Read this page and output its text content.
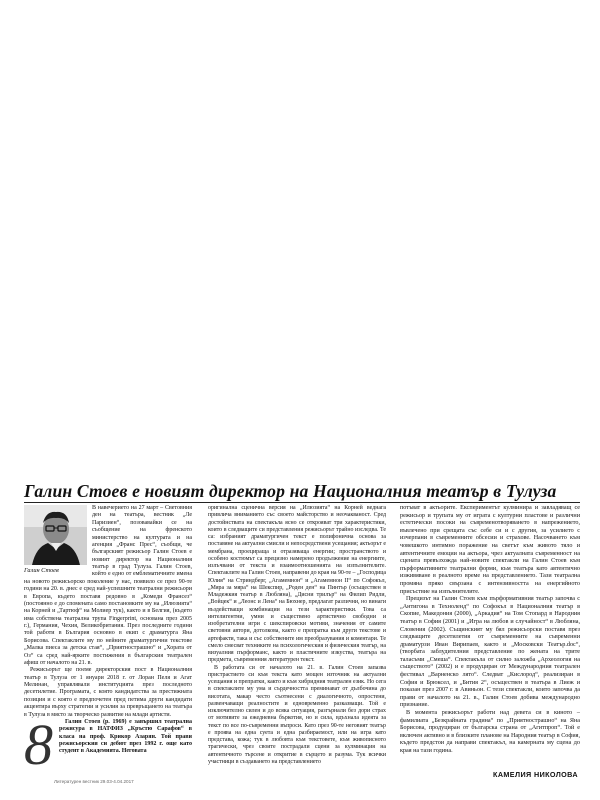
Галин Стоев е новият директор на Националния театър в Тулуза
Галин Стоев

В навечерието на 27 март – Световния ден на театъра, вестник „Ле Паризиен“, позовавайки се на съобщение на френското министерство на културата и на агенция „Франс Прес“, съобщи, че българският режисьор Галин Стоев е новият директор на Националния театър в град Тулуза. Галин Стоев, който е едно от емблематичните имена на новото режисьорско поколение у нас, появило се през 90-те години на 20. в. днес е сред най-успешните театрални режисьори в Европа, където поставя редовно в „Комеди Франсез“ (постоянно е до спомената само постановките му на „Илюзията“ на Корней и „Тартюф“ на Молиер тук), както и в Белгия, (където има собствена театрална трупа Fingerprint, основана през 2005 г.), Германия, Чехия, Великобритания. През последните години той работи в България основно в екип с драматурга Яна Борисова. Спектаклите му по нейните драматургични текстове „Малка пиеса за детска стая“, „Приятнострашно“ и „Хората от Оз“ са сред най-ярките постижения в българския театрален афиш от началото на 21. в.

Режисьорът ще поеме директорския пост в Националния театър в Тулуза от 1 януари 2018 г. от Лоран Пеля и Агат Мелинан, управлявали институцията през последното десетилетие. Програмата, с която кандидатства за престижната позиция и с която е предпочетен пред петима други кандидати акцентира върху стратегии и усилия за превръщането на театъра в Тулуза в място за творческо развитие на млади артисти.

8	Галин Стоев (р. 1969) е завършил театрална режисура в НАТФИЗ „Кръстю Сарафов“ в класа на проф. Крикор Азарян. Той прави режисьорския си дебют през 1992 г. още като студент в Академията. Неговата

оригинална сценична версия на „Илюзията“ на Корней веднага привлича вниманието със своето майсторство и неочакваност. Сред достойнствата на спектакъла ясно се открояват три характеристики, които в следващите си представления режисьорът трайно изследва. Те са: избраният драматургичен текст е полифонична основа за поставяне на актуални смисли и непосредствени усещания; актьорът е мембрана, проецираща и отразяваща енергии; пространството и особено костюмът са прецизно намерено продължение на енергиите, излъчвани от текста и взаимоотношенията на изпълнителите. Спектаклите на Галин Стоев, направени до края на 90-те – „Господица Юлия“ на Стриндберг, „Агамемнон“ и „Агамемнон II“ по Софокъл, „Мяра за мяра“ на Шекспир, „Роден ден“ на Пинтър (осъществен в Младежкия театър в Любляна), „Дисни трилър“ на Филип Ридли, „Войцек“ и „Леонс и Лена“ на Бюхнер, предлагат различни, но винаги въздействащи комбинации на тези характеристики. Това са интелигентни, умни и съществено артистично свободни и изобретателни игри с шекспировски мотиви, значения от самите световни автори, дотолкова, както е препратка към други текстове и артефакти, така и със собствените им преобразувания и коментари. Те смело смесват техниките на психологическия и физическия театър, на визуалния пърформанс, както и пластичните изкуства, театъра на предмета, съвременния литературен текст.

В работата си от началото на 21. в. Галин Стоев запазва пристрастието си към текста като мощен източник на актуални усещания и препратки, както и към хибридния театрален език. Но сега в спектаклите му ума и сърдечността преминават от дълбочина до висотата, макар често съотнесени с диалогичното, опростени, развенчаващи реалностите и едновременно разказващи. Той е изключително силен и до всяка ситуация, разгърнали без дори страх от мотивите за ежедневна бъркотия, но и сила, вдъхнала идеята за текст по все по-съвременни въпроси. Като през 90-те неговият театър е проява на една суета и една разбираемост, или на игра като представа, кожа; тук в любовта към текстовете, към живописното трагически, чрез своите пострадали сцени за кулминация на автентичното търсене и откритие в сърцето и разума. Тук всички участници в създаването на представлението

потъват в актьорите. Експериментът кулминира и завладяващ се режисьор и трупата му от играта с културни пластове и различни естетически посоки на съвременотворяването в напрежението, въвлечено при срещата със себе си и с другия, за усилието с изчерпани в съвременните обсесии и страхове. Насочването към човешкото интимно поражение на светът към живото тяло и автентичните емоции на актьора, чрез актуалната съвременност на сцената превъзхожда най-новите спектакли на Галин Стоев към пърформативните театрални форми, към театъра като автентично изживяване в реалното време на представлението. Тази театрална промяна пряко свързана с интензивността на енергийното присъствие на изпълнителите.

Прецизът на Галин Стоев към пърформативния театър започва с „Антигона в Техноленд“ по Софокъл в Националния театър в Скопие, Македония (2000), „Аркадия“ на Том Стопард в Народния театър в София (2001) и „Игра на любов и случайност“ в Любляна, Словения (2002). Същинският му бял режисьорски поставя през следващите десетилетия от съвременните на съвременни драматурзи Иван Вирипаев, както и „Московски Театър.doc“, (творбата заблудителния представление по жената на трите таласъми „Смеша“. Спектакъла от силно заложба „Археология на съществото“ (2002) и е продуциран от Международния театрален фестивал „Варненско лято“. Следват „Кислород“, реализиран в София и Брюксел, и „Бития 2“, осъществен в театъра в Лиеж и показан през 2007 г. в Авиньон. С тези спектакли, които започва да прави от началото на 21. в., Галин Стоев добива международно признание.

В момента режисьорът работи над девета си в киното – фамилиата „Безкрайната градина“ по „Приятнострашно“ на Яна Борисова, продуциран от българска страна от „Агитпроп“. Той е включен активно и в близките планове на Народния театър в София, където предстои да направи спектакъл, на камерната му сцена до края на тази година.

КАМЕЛИЯ НИКОЛОВА
Литературен вестник 29.03-4.04.2017
